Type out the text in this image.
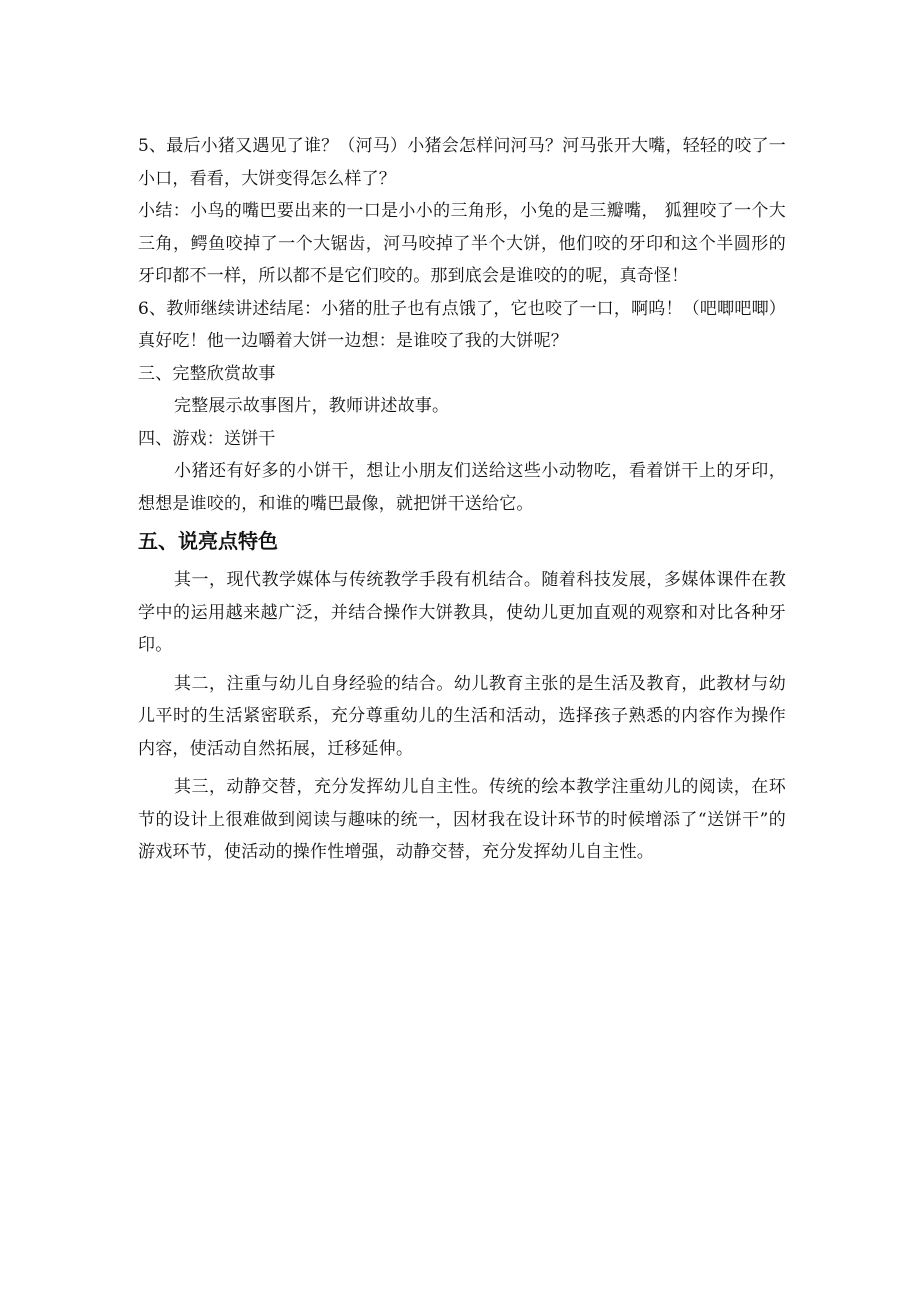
5、最后小猪又遇见了谁？（河马）小猪会怎样问河马？河马张开大嘴，轻轻的咬了一小口，看看，大饼变得怎么样了？

小结：小鸟的嘴巴要出来的一口是小小的三角形，小兔的是三瓣嘴， 狐狸咬了一个大三角，鳄鱼咬掉了一个大锯齿，河马咬掉了半个大饼，他们咬的牙印和这个半圆形的牙印都不一样，所以都不是它们咬的。那到底会是谁咬的的呢，真奇怪！

6、教师继续讲述结尾：小猪的肚子也有点饿了，它也咬了一口，啊呜！（吧唧吧唧）真好吃！他一边嚼着大饼一边想：是谁咬了我的大饼呢？

三、完整欣赏故事

完整展示故事图片，教师讲述故事。

四、游戏：送饼干

小猪还有好多的小饼干，想让小朋友们送给这些小动物吃，看着饼干上的牙印，想想是谁咬的，和谁的嘴巴最像，就把饼干送给它。

五、说亮点特色

其一，现代教学媒体与传统教学手段有机结合。随着科技发展，多媒体课件在教学中的运用越来越广泛，并结合操作大饼教具，使幼儿更加直观的观察和对比各种牙印。

其二，注重与幼儿自身经验的结合。幼儿教育主张的是生活及教育，此教材与幼儿平时的生活紧密联系，充分尊重幼儿的生活和活动，选择孩子熟悉的内容作为操作内容，使活动自然拓展，迁移延伸。

其三，动静交替，充分发挥幼儿自主性。传统的绘本教学注重幼儿的阅读，在环节的设计上很难做到阅读与趣味的统一，因材我在设计环节的时候增添了“送饼干”的游戏环节，使活动的操作性增强，动静交替，充分发挥幼儿自主性。
